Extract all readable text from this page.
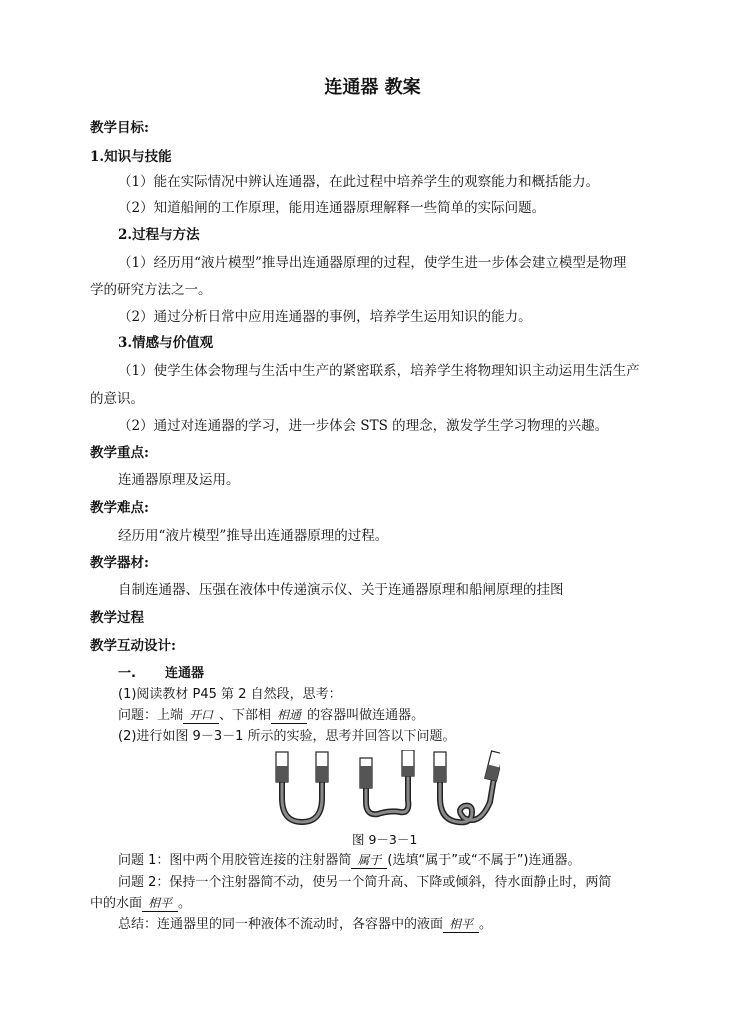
连通器 教案
教学目标:
1.知识与技能
（1）能在实际情况中辨认连通器，在此过程中培养学生的观察能力和概括能力。
（2）知道船闸的工作原理，能用连通器原理解释一些简单的实际问题。
2.过程与方法
（1）经历用“液片模型”推导出连通器原理的过程，使学生进一步体会建立模型是物理
学的研究方法之一。
（2）通过分析日常中应用连通器的事例，培养学生运用知识的能力。
3.情感与价值观
（1）使学生体会物理与生活中生产的紧密联系，培养学生将物理知识主动运用生活生产
的意识。
（2）通过对连通器的学习，进一步体会 STS 的理念，激发学生学习物理的兴趣。
教学重点:
连通器原理及运用。
教学难点:
经历用“液片模型”推导出连通器原理的过程。
教学器材:
自制连通器、压强在液体中传递演示仪、关于连通器原理和船闸原理的挂图
教学过程
教学互动设计:
一. 连通器
(1)阅读教材 P45 第 2 自然段，思考：
问题：上端 开口 、下部相 相通 的容器叫做连通器。
(2)进行如图 9－3－1 所示的实验，思考并回答以下问题。
图 9－3－1
问题 1：图中两个用胶管连接的注射器简 属于 (选填“属于”或“不属于”)连通器。
问题 2：保持一个注射器简不动，使另一个简升高、下降或倾斜，待水面静止时，两简
中的水面 相平 。
总结：连通器里的同一种液体不流动时，各容器中的液面 相平 。
